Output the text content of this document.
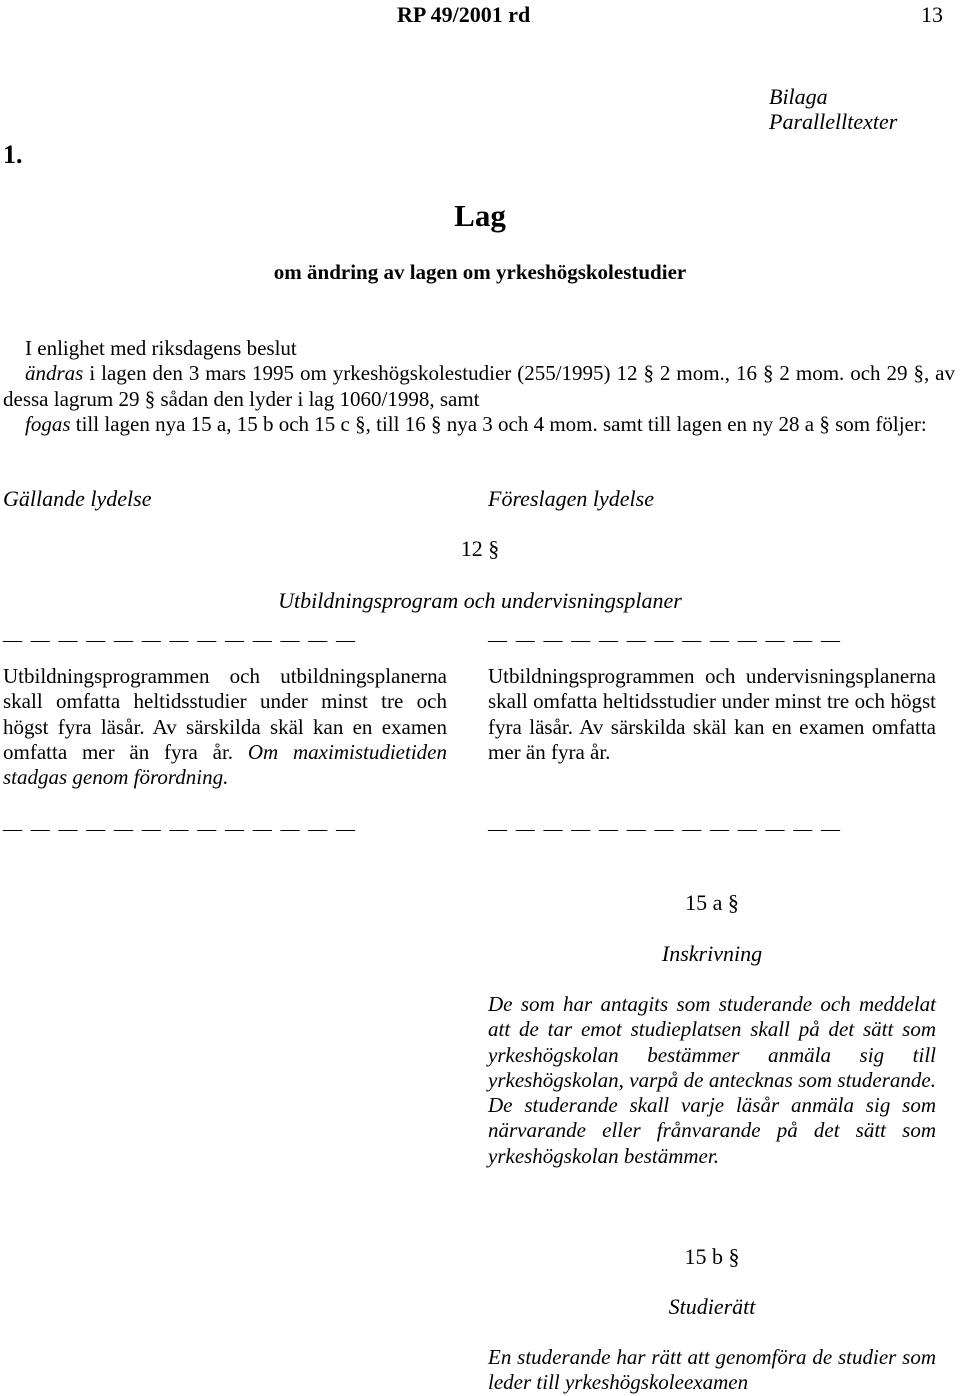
RP 49/2001 rd	13
Bilaga
Parallelltexter
1.
Lag
om ändring av lagen om yrkeshögskolestudier
I enlighet med riksdagens beslut
ändras i lagen den 3 mars 1995 om yrkeshögskolestudier (255/1995) 12 § 2 mom., 16 § 2 mom. och 29 §, av dessa lagrum 29 § sådan den lyder i lag 1060/1998, samt
fogas till lagen nya 15 a, 15 b och 15 c §, till 16 § nya 3 och 4 mom. samt till lagen en ny 28 a § som följer:
Gällande lydelse	Föreslagen lydelse
12 §
Utbildningsprogram och undervisningsplaner
— — — — — — — — — — — — —	— — — — — — — — — — — — —
Utbildningsprogrammen och utbildningsplanerna skall omfatta heltidsstudier under minst tre och högst fyra läsår. Av särskilda skäl kan en examen omfatta mer än fyra år. Om maximistudietiden stadgas genom förordning.
Utbildningsprogrammen och undervisningsplanerna skall omfatta heltidsstudier under minst tre och högst fyra läsår. Av särskilda skäl kan en examen omfatta mer än fyra år.
— — — — — — — — — — — — —	— — — — — — — — — — — — —
15 a §
Inskrivning
De som har antagits som studerande och meddelat att de tar emot studieplatsen skall på det sätt som yrkeshögskolan bestämmer anmäla sig till yrkeshögskolan, varpå de antecknas som studerande. De studerande skall varje läsår anmäla sig som närvarande eller frånvarande på det sätt som yrkeshögskolan bestämmer.
15 b §
Studierätt
En studerande har rätt att genomföra de studier som leder till yrkeshögskoleexamen
